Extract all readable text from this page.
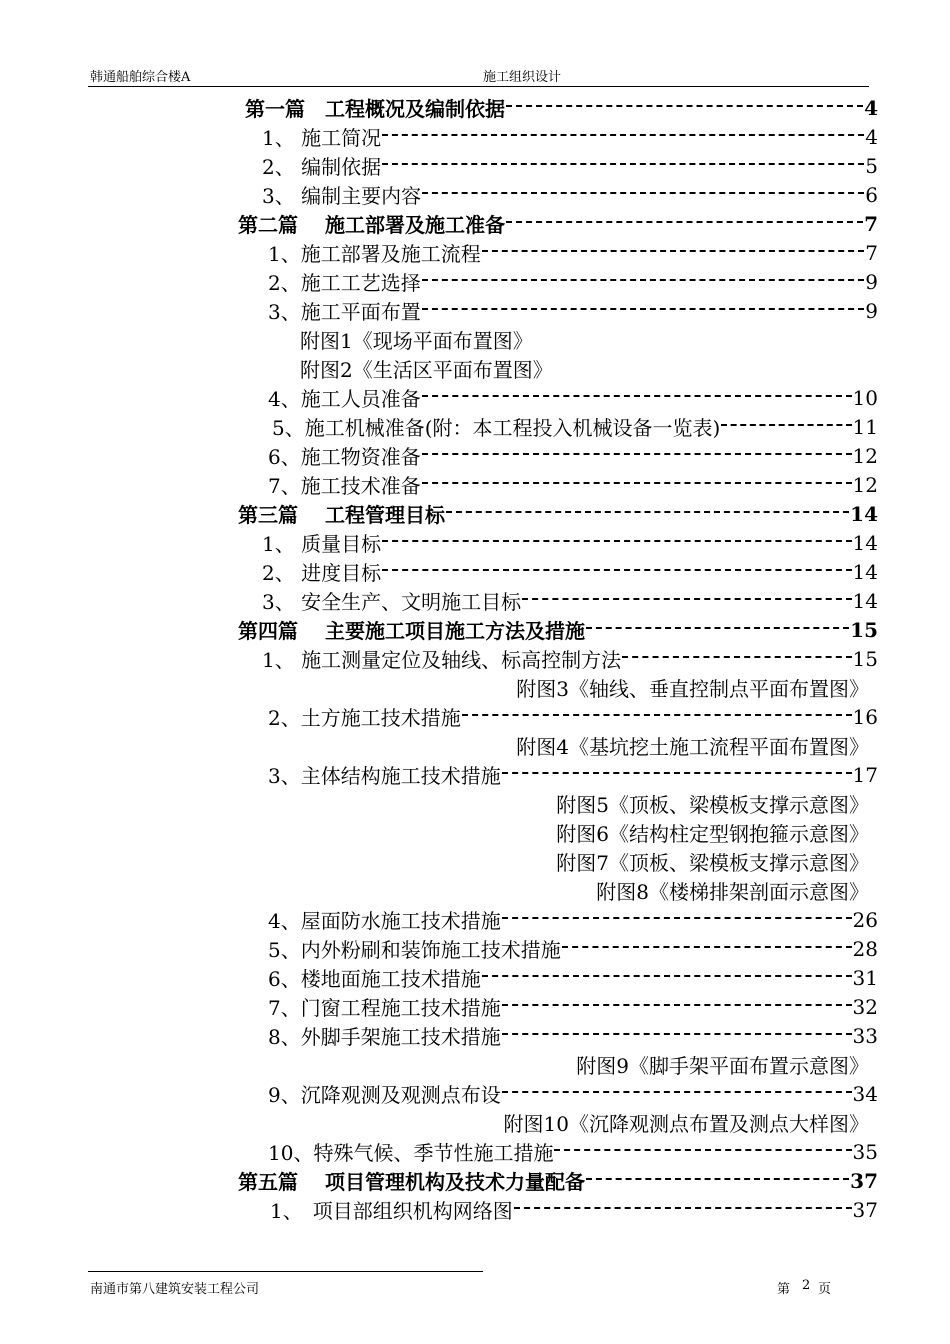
韩通船舶综合楼A	施工组织设计
第一篇　工程概况及编制依据	4
1、 施工简况	4
2、 编制依据	5
3、 编制主要内容	6
第二篇　 施工部署及施工准备	7
1、施工部署及施工流程	7
2、施工工艺选择	9
3、施工平面布置	9
附图1《现场平面布置图》
附图2《生活区平面布置图》
4、施工人员准备	10
5、施工机械准备(附：本工程投入机械设备一览表)	11
6、施工物资准备	12
7、施工技术准备	12
第三篇　 工程管理目标	14
1、 质量目标	14
2、 进度目标	14
3、 安全生产、文明施工目标	14
第四篇　 主要施工项目施工方法及措施	15
1、 施工测量定位及轴线、标高控制方法	15
附图3《轴线、垂直控制点平面布置图》
2、土方施工技术措施	16
附图4《基坑挖土施工流程平面布置图》
3、主体结构施工技术措施	17
附图5《顶板、梁模板支撑示意图》
附图6《结构柱定型钢抱箍示意图》
附图7《顶板、梁模板支撑示意图》
附图8《楼梯排架剖面示意图》
4、屋面防水施工技术措施	26
5、内外粉刷和装饰施工技术措施	28
6、楼地面施工技术措施	31
7、门窗工程施工技术措施	32
8、外脚手架施工技术措施	33
附图9《脚手架平面布置示意图》
9、沉降观测及观测点布设	34
附图10《沉降观测点布置及测点大样图》
10、特殊气候、季节性施工措施	35
第五篇　 项目管理机构及技术力量配备	37
1、　项目部组织机构网络图	37
南通市第八建筑安装工程公司	第 2 页
